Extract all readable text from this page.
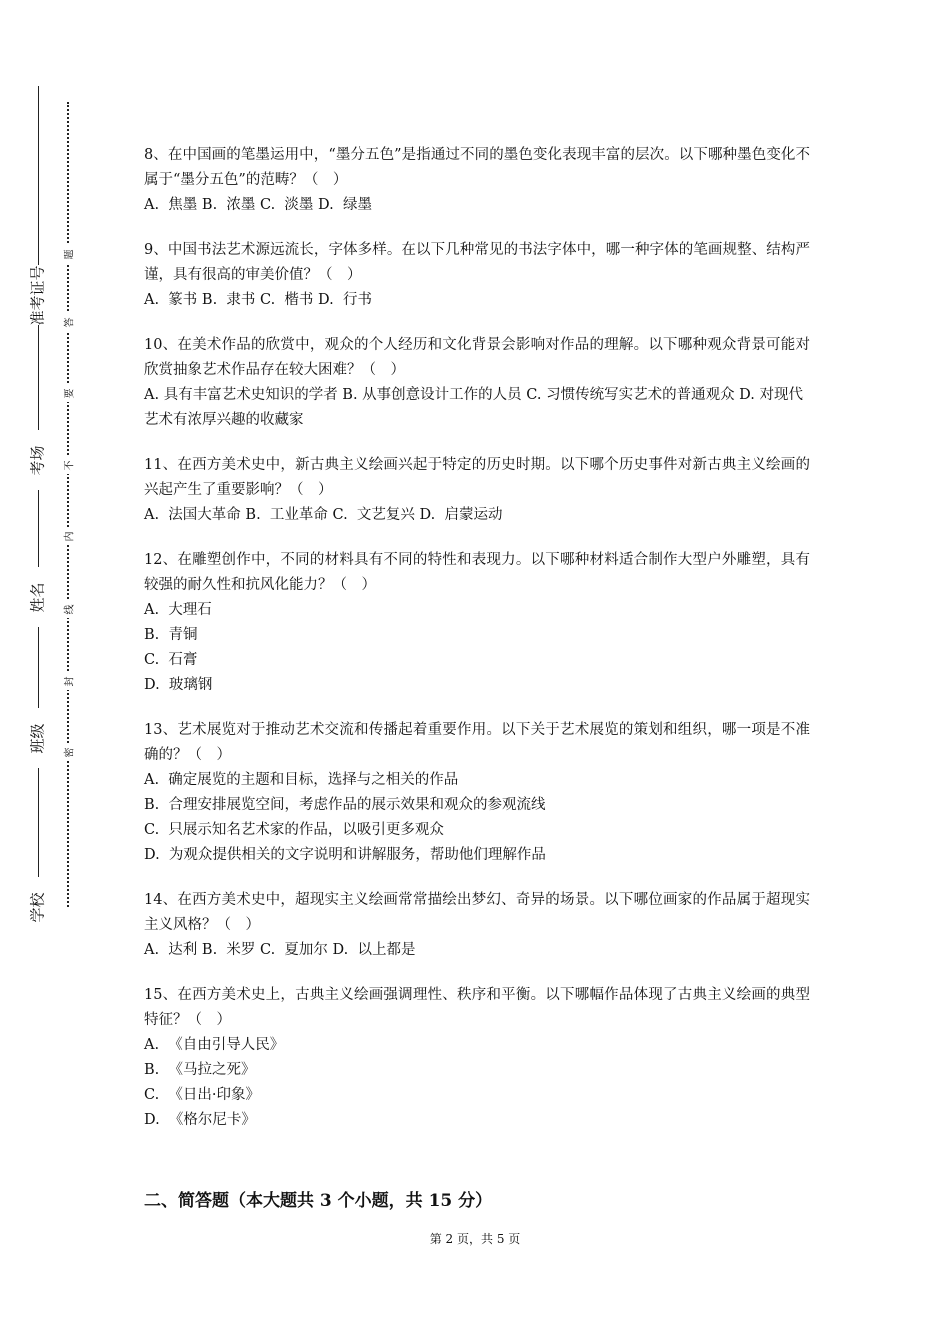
准考证号
考场
姓名
班级
学校
题
答
要
不
内
线
封
密

8、在中国画的笔墨运用中，“墨分五色”是指通过不同的墨色变化表现丰富的层次。以下哪种墨色变化不属于“墨分五色”的范畴？（　）

A.  焦墨 B.  浓墨 C.  淡墨 D.  绿墨

9、中国书法艺术源远流长，字体多样。在以下几种常见的书法字体中，哪一种字体的笔画规整、结构严谨，具有很高的审美价值？（　）

A.  篆书 B.  隶书 C.  楷书 D.  行书

10、在美术作品的欣赏中，观众的个人经历和文化背景会影响对作品的理解。以下哪种观众背景可能对欣赏抽象艺术作品存在较大困难？（　）

A. 具有丰富艺术史知识的学者 B. 从事创意设计工作的人员 C. 习惯传统写实艺术的普通观众 D. 对现代艺术有浓厚兴趣的收藏家

11、在西方美术史中，新古典主义绘画兴起于特定的历史时期。以下哪个历史事件对新古典主义绘画的兴起产生了重要影响？（　）

A.  法国大革命 B.  工业革命 C.  文艺复兴 D.  启蒙运动

12、在雕塑创作中，不同的材料具有不同的特性和表现力。以下哪种材料适合制作大型户外雕塑，具有较强的耐久性和抗风化能力？（　）

A.  大理石

B.  青铜

C.  石膏

D.  玻璃钢

13、艺术展览对于推动艺术交流和传播起着重要作用。以下关于艺术展览的策划和组织，哪一项是不准确的？（　）

A.  确定展览的主题和目标，选择与之相关的作品

B.  合理安排展览空间，考虑作品的展示效果和观众的参观流线

C.  只展示知名艺术家的作品，以吸引更多观众

D.  为观众提供相关的文字说明和讲解服务，帮助他们理解作品

14、在西方美术史中，超现实主义绘画常常描绘出梦幻、奇异的场景。以下哪位画家的作品属于超现实主义风格？（　）

A.  达利 B.  米罗 C.  夏加尔 D.  以上都是

15、在西方美术史上，古典主义绘画强调理性、秩序和平衡。以下哪幅作品体现了古典主义绘画的典型特征？（　）

A.  《自由引导人民》

B.  《马拉之死》

C.  《日出·印象》

D.  《格尔尼卡》

二、简答题（本大题共 3 个小题，共 15 分）
第 2 页，共 5 页
